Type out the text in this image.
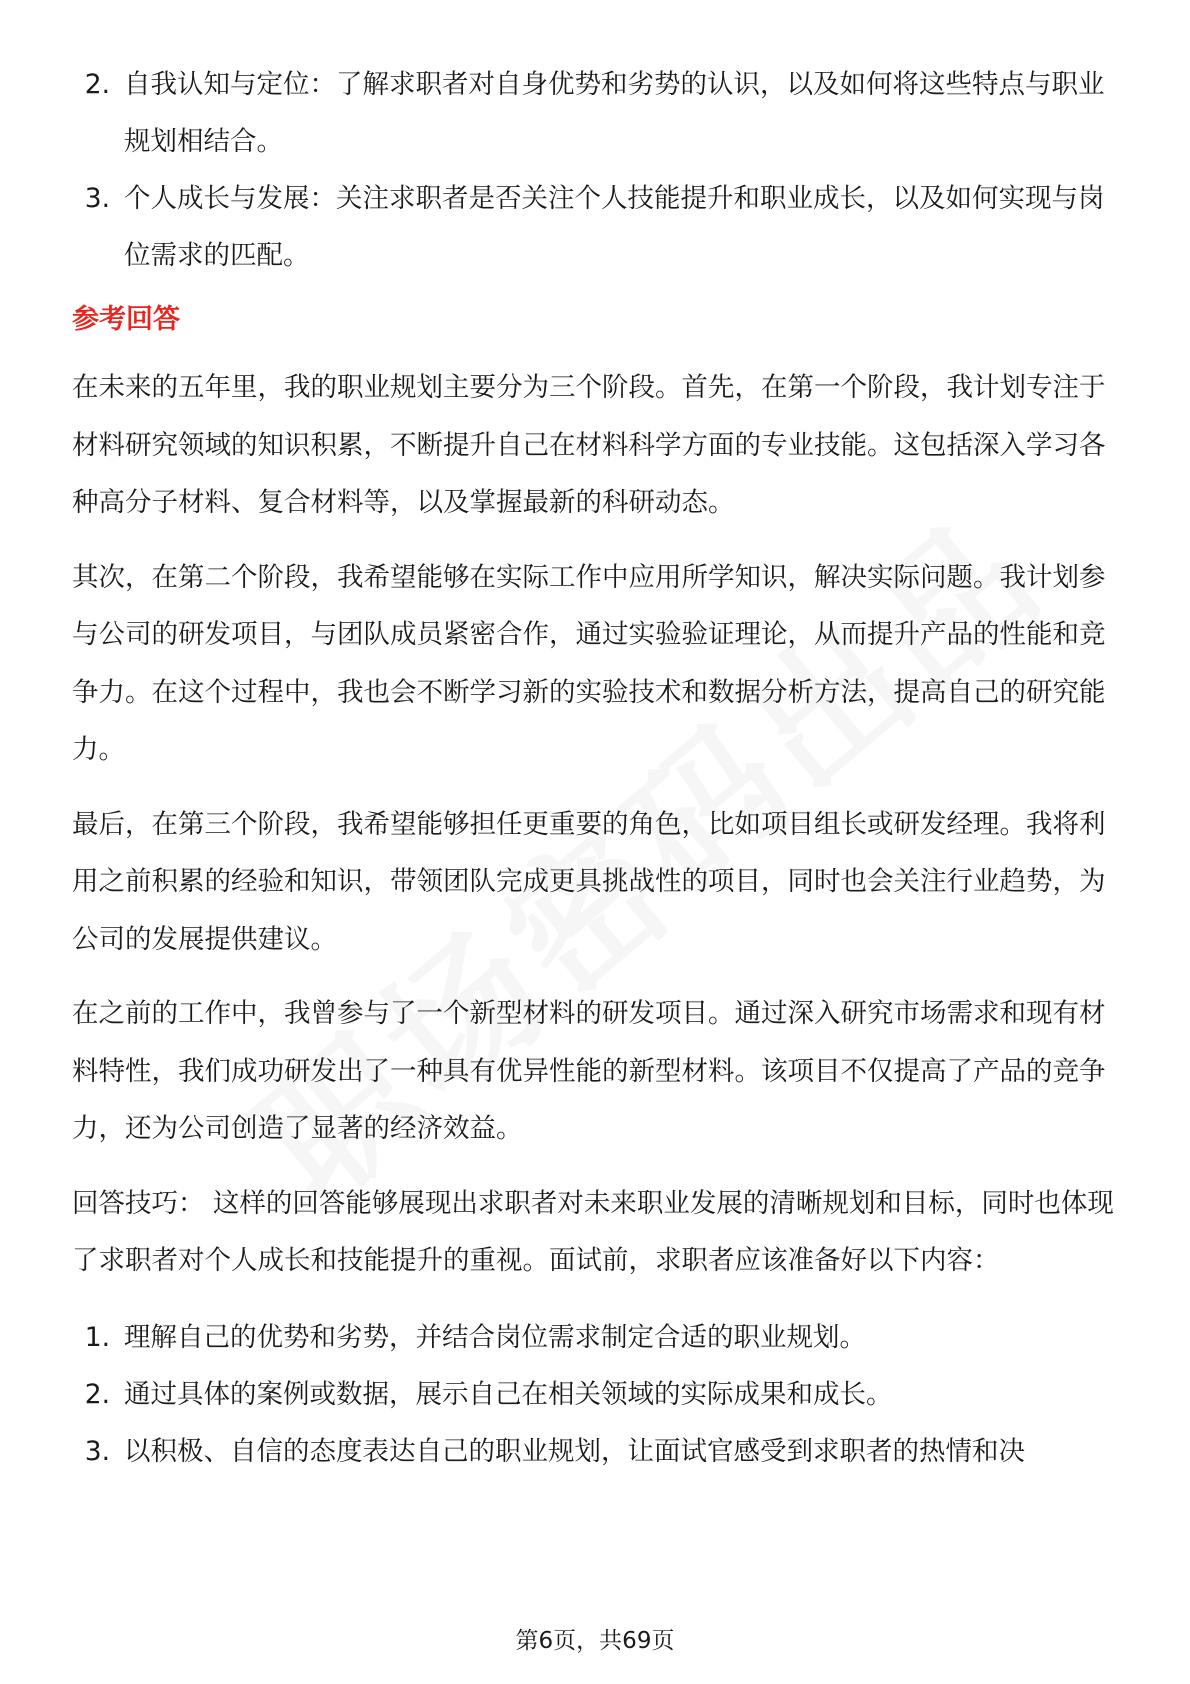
2. 自我认知与定位：了解求职者对自身优势和劣势的认识，以及如何将这些特点与职业规划相结合。
3. 个人成长与发展：关注求职者是否关注个人技能提升和职业成长，以及如何实现与岗位需求的匹配。
参考回答

在未来的五年里，我的职业规划主要分为三个阶段。首先，在第一个阶段，我计划专注于材料研究领域的知识积累，不断提升自己在材料科学方面的专业技能。这包括深入学习各种高分子材料、复合材料等，以及掌握最新的科研动态。

其次，在第二个阶段，我希望能够在实际工作中应用所学知识，解决实际问题。我计划参与公司的研发项目，与团队成员紧密合作，通过实验验证理论，从而提升产品的性能和竞争力。在这个过程中，我也会不断学习新的实验技术和数据分析方法，提高自己的研究能力。

最后，在第三个阶段，我希望能够担任更重要的角色，比如项目组长或研发经理。我将利用之前积累的经验和知识，带领团队完成更具挑战性的项目，同时也会关注行业趋势，为公司的发展提供建议。

在之前的工作中，我曾参与了一个新型材料的研发项目。通过深入研究市场需求和现有材料特性，我们成功研发出了一种具有优异性能的新型材料。该项目不仅提高了产品的竞争力，还为公司创造了显著的经济效益。

回答技巧： 这样的回答能够展现出求职者对未来职业发展的清晰规划和目标，同时也体现了求职者对个人成长和技能提升的重视。面试前，求职者应该准备好以下内容：

1. 理解自己的优势和劣势，并结合岗位需求制定合适的职业规划。
2. 通过具体的案例或数据，展示自己在相关领域的实际成果和成长。
3. 以积极、自信的态度表达自己的职业规划，让面试官感受到求职者的热情和决
第6页，共69页
